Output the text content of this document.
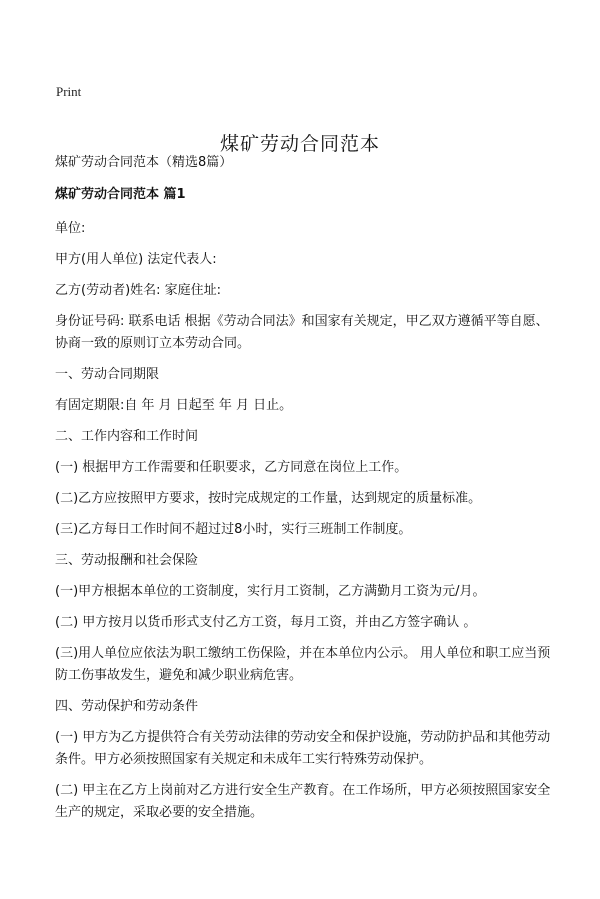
Print
煤矿劳动合同范本

煤矿劳动合同范本（精选8篇）

煤矿劳动合同范本 篇1

单位:

甲方(用人单位) 法定代表人:

乙方(劳动者)姓名: 家庭住址:

身份证号码: 联系电话 根据《劳动合同法》和国家有关规定，甲乙双方遵循平等自愿、协商一致的原则订立本劳动合同。

一、劳动合同期限

有固定期限:自 年 月 日起至 年 月 日止。

二、工作内容和工作时间

(一) 根据甲方工作需要和任职要求，乙方同意在岗位上工作。

(二)乙方应按照甲方要求，按时完成规定的工作量，达到规定的质量标准。

(三)乙方每日工作时间不超过过8小时，实行三班制工作制度。

三、劳动报酬和社会保险

(一)甲方根据本单位的工资制度，实行月工资制，乙方满勤月工资为元/月。

(二) 甲方按月以货币形式支付乙方工资，每月工资，并由乙方签字确认 。

(三)用人单位应依法为职工缴纳工伤保险，并在本单位内公示。 用人单位和职工应当预防工伤事故发生，避免和减少职业病危害。

四、劳动保护和劳动条件

(一) 甲方为乙方提供符合有关劳动法律的劳动安全和保护设施，劳动防护品和其他劳动条件。甲方必须按照国家有关规定和未成年工实行特殊劳动保护。

(二) 甲主在乙方上岗前对乙方进行安全生产教育。在工作场所，甲方必须按照国家安全生产的规定，采取必要的安全措施。
